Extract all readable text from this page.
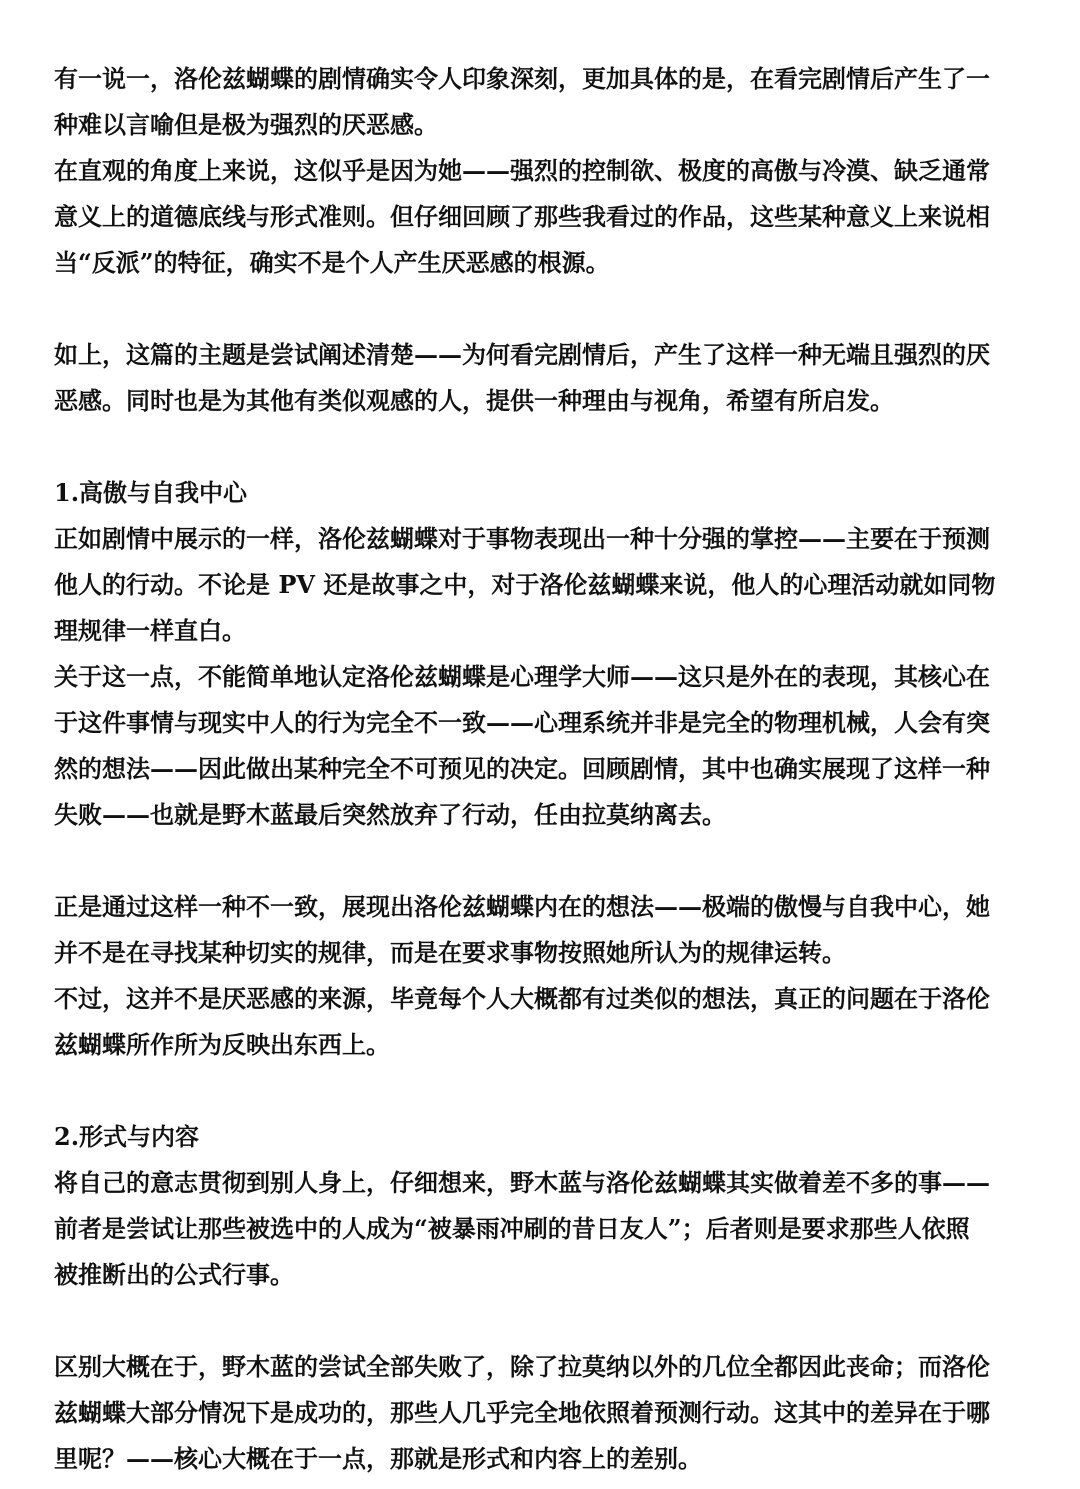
有一说一，洛伦兹蝴蝶的剧情确实令人印象深刻，更加具体的是，在看完剧情后产生了一
种难以言喻但是极为强烈的厌恶感。
在直观的角度上来说，这似乎是因为她——强烈的控制欲、极度的高傲与冷漠、缺乏通常
意义上的道德底线与形式准则。但仔细回顾了那些我看过的作品，这些某种意义上来说相
当“反派”的特征，确实不是个人产生厌恶感的根源。
如上，这篇的主题是尝试阐述清楚——为何看完剧情后，产生了这样一种无端且强烈的厌
恶感。同时也是为其他有类似观感的人，提供一种理由与视角，希望有所启发。
1.高傲与自我中心
正如剧情中展示的一样，洛伦兹蝴蝶对于事物表现出一种十分强的掌控——主要在于预测
他人的行动。不论是 PV 还是故事之中，对于洛伦兹蝴蝶来说，他人的心理活动就如同物
理规律一样直白。
关于这一点，不能简单地认定洛伦兹蝴蝶是心理学大师——这只是外在的表现，其核心在
于这件事情与现实中人的行为完全不一致——心理系统并非是完全的物理机械，人会有突
然的想法——因此做出某种完全不可预见的决定。回顾剧情，其中也确实展现了这样一种
失败——也就是野木蓝最后突然放弃了行动，任由拉莫纳离去。
正是通过这样一种不一致，展现出洛伦兹蝴蝶内在的想法——极端的傲慢与自我中心，她
并不是在寻找某种切实的规律，而是在要求事物按照她所认为的规律运转。
不过，这并不是厌恶感的来源，毕竟每个人大概都有过类似的想法，真正的问题在于洛伦
兹蝴蝶所作所为反映出东西上。
2.形式与内容
将自己的意志贯彻到别人身上，仔细想来，野木蓝与洛伦兹蝴蝶其实做着差不多的事——
前者是尝试让那些被选中的人成为“被暴雨冲刷的昔日友人”；后者则是要求那些人依照
被推断出的公式行事。
区别大概在于，野木蓝的尝试全部失败了，除了拉莫纳以外的几位全都因此丧命；而洛伦
兹蝴蝶大部分情况下是成功的，那些人几乎完全地依照着预测行动。这其中的差异在于哪
里呢？——核心大概在于一点，那就是形式和内容上的差别。
